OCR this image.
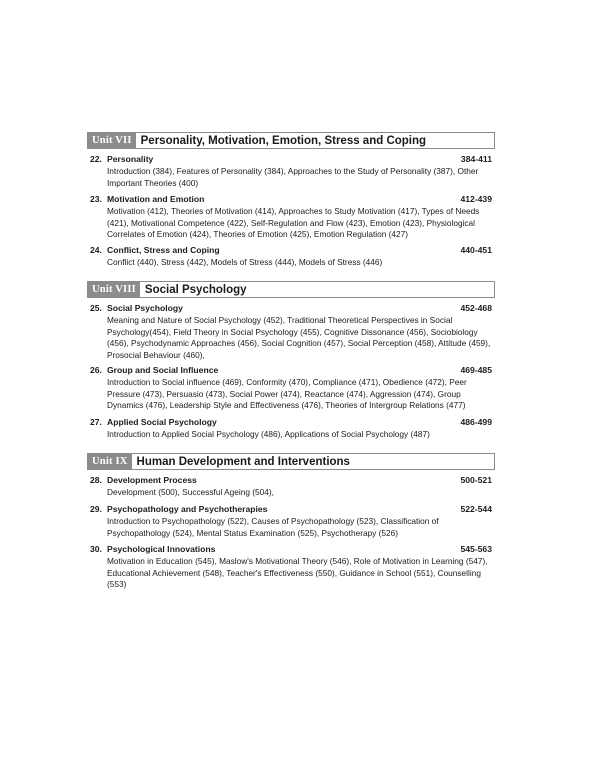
Unit VII Personality, Motivation, Emotion, Stress and Coping
22. Personality	384-411
Introduction (384), Features of Personality (384), Approaches to the Study of Personality (387), Other Important Theories (400)
23. Motivation and Emotion	412-439
Motivation (412), Theories of Motivation (414), Approaches to Study Motivation (417), Types of Needs (421), Motivational Competence (422), Self-Regulation and Flow (423), Emotion (423), Physiological Correlates of Emotion (424), Theories of Emotion (425), Emotion Regulation (427)
24. Conflict, Stress and Coping	440-451
Conflict (440), Stress (442), Models of Stress (444), Models of Stress (446)
Unit VIII Social Psychology
25. Social Psychology	452-468
Meaning and Nature of Social Psychology (452), Traditional Theoretical Perspectives in Social Psychology(454), Field Theory in Social Psychology (455), Cognitive Dissonance (456), Sociobiology (456), Psychodynamic Approaches (456), Social Cognition (457), Social Perception (458), Attitude (459), Prosocial Behaviour (460),
26. Group and Social Influence	469-485
Introduction to Social influence (469), Conformity (470), Compliance (471), Obedience (472), Peer Pressure (473), Persuasio (473), Social Power (474), Reactance (474), Aggression (474), Group Dynamics (476), Leadership Style and Effectiveness (476), Theories of Intergroup Relations (477)
27. Applied Social Psychology	486-499
Introduction to Applied Social Psychology (486), Applications of Social Psychology (487)
Unit IX Human Development and Interventions
28. Development Process	500-521
Development (500), Successful Ageing (504),
29. Psychopathology and Psychotherapies	522-544
Introduction to Psychopathology (522), Causes of Psychopathology (523), Classification of Psychopathology (524), Mental Status Examination (525), Psychotherapy (526)
30. Psychological Innovations	545-563
Motivation in Education (545), Maslow's Motivational Theory (546), Role of Motivation in Learning (547), Educational Achievement (548), Teacher's Effectiveness (550), Guidance in School (551), Counselling (553)
